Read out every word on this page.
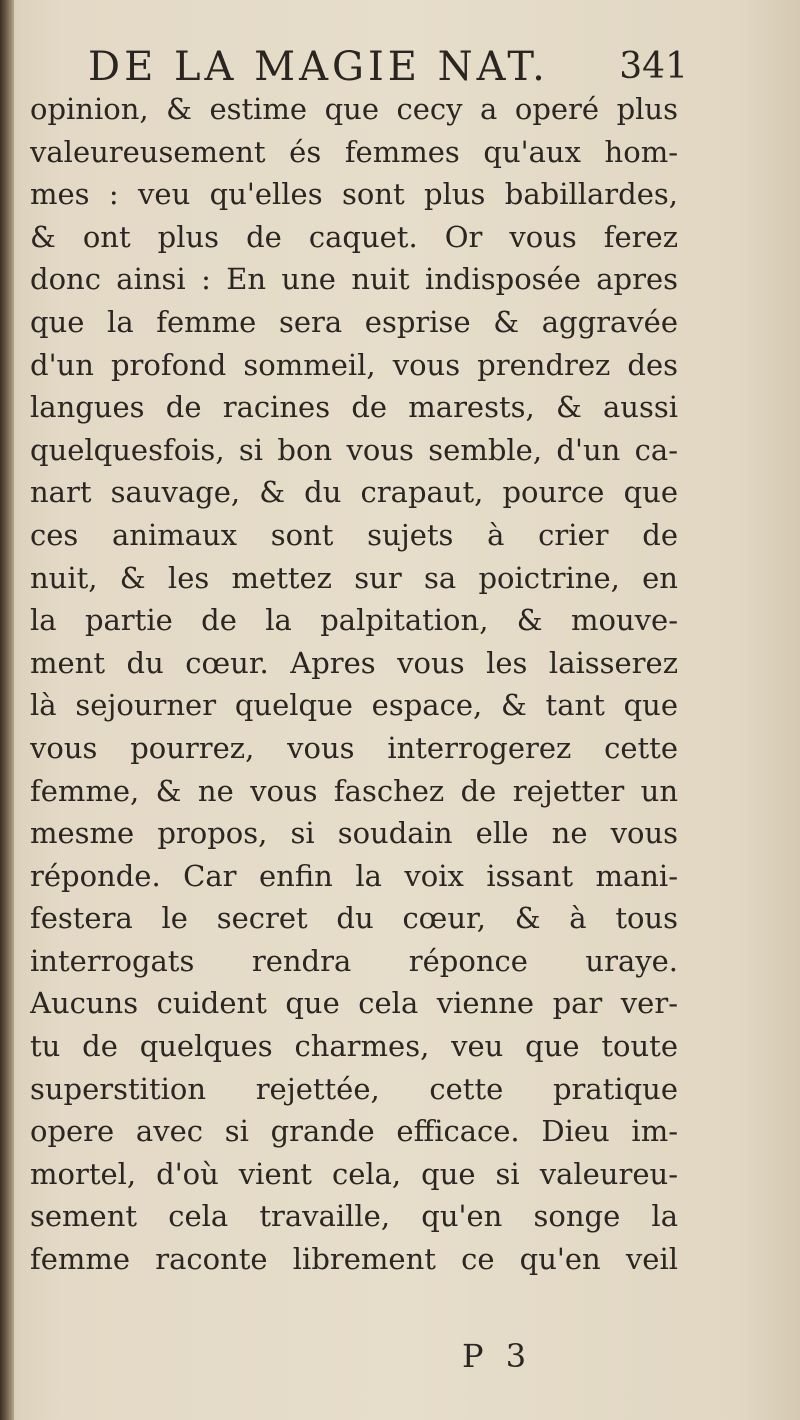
DE LA MAGIE NAT. 341
opinion, & estime que cecy a operé plus
valeureusement és femmes qu'aux hom-
mes : veu qu'elles sont plus babillardes,
& ont plus de caquet. Or vous ferez
donc ainsi : En une nuit indisposée apres
que la femme sera esprise & aggravée
d'un profond sommeil, vous prendrez des
langues de racines de marests, & aussi
quelquesfois, si bon vous semble, d'un ca-
nart sauvage, & du crapaut, pource que
ces animaux sont sujets à crier de
nuit, & les mettez sur sa poictrine, en
la partie de la palpitation, & mouve-
ment du cœur. Apres vous les laisserez
là sejourner quelque espace, & tant que
vous pourrez, vous interrogerez cette
femme, & ne vous faschez de rejetter un
mesme propos, si soudain elle ne vous
réponde. Car enfin la voix issant mani-
festera le secret du cœur, & à tous
interrogats rendra réponce uraye.
Aucuns cuident que cela vienne par ver-
tu de quelques charmes, veu que toute
superstition rejettée, cette pratique
opere avec si grande efficace. Dieu im-
mortel, d'où vient cela, que si valeureu-
sement cela travaille, qu'en songe la
femme raconte librement ce qu'en veil
P 3
